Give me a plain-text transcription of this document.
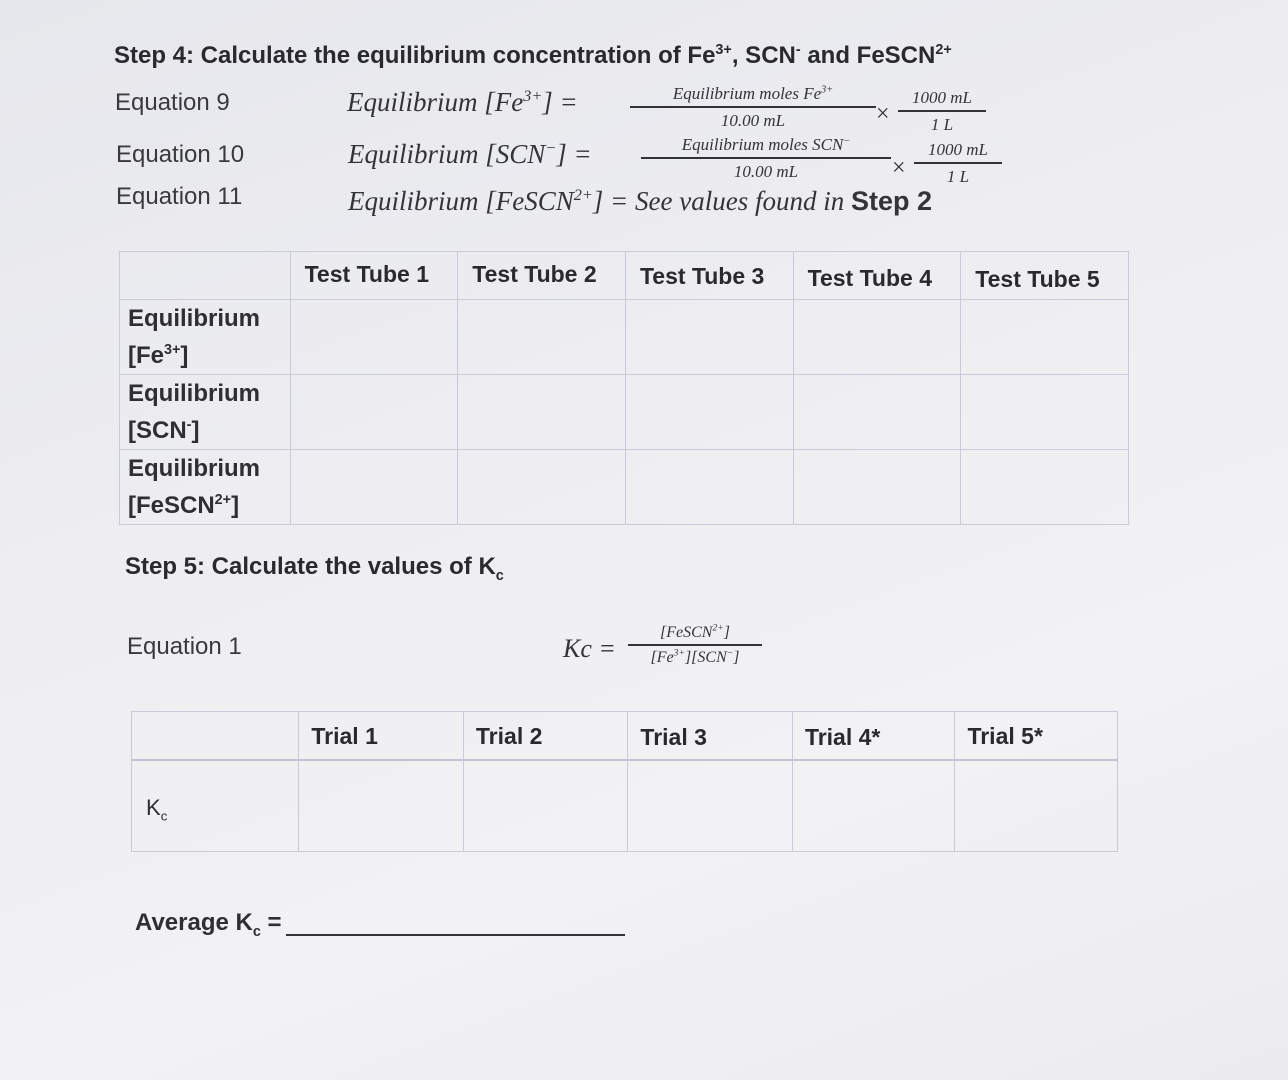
Step 4: Calculate the equilibrium concentration of $Fe^{3+}$, SCN- and FeSCN$^{2+}$
Equation 9	Equilibrium $[Fe^{3+}]$ =	Equilibrium moles $Fe^{3+}$
10.00 mL	×
1000 mL
1 L
Equation 10	Equilibrium [SCN−] =	Equilibrium moles SCN−
10.00 mL	×
1000 mL
1 L
Equation 11	Equilibrium [FeSCN$^{2+}$] = See values found in Step 2

	Test Tube 1	Test Tube 2	Test Tube 3	Test Tube 4	Test Tube 5

Equilibrium
$[Fe^{3+}]$					

Equilibrium
[SCN-]					

Equilibrium
[FeSCN$^{2+}$]					

Step 5: Calculate the values of $K_c$
Equation 1	Kc =
[FeSCN$^{2+}$]
$[Fe^{3+}][SCN^-]$

	Trial 1	Trial 2	Trial 3	Trial 4*	Trial 5*

$K_c$

Average $K_c$ =
